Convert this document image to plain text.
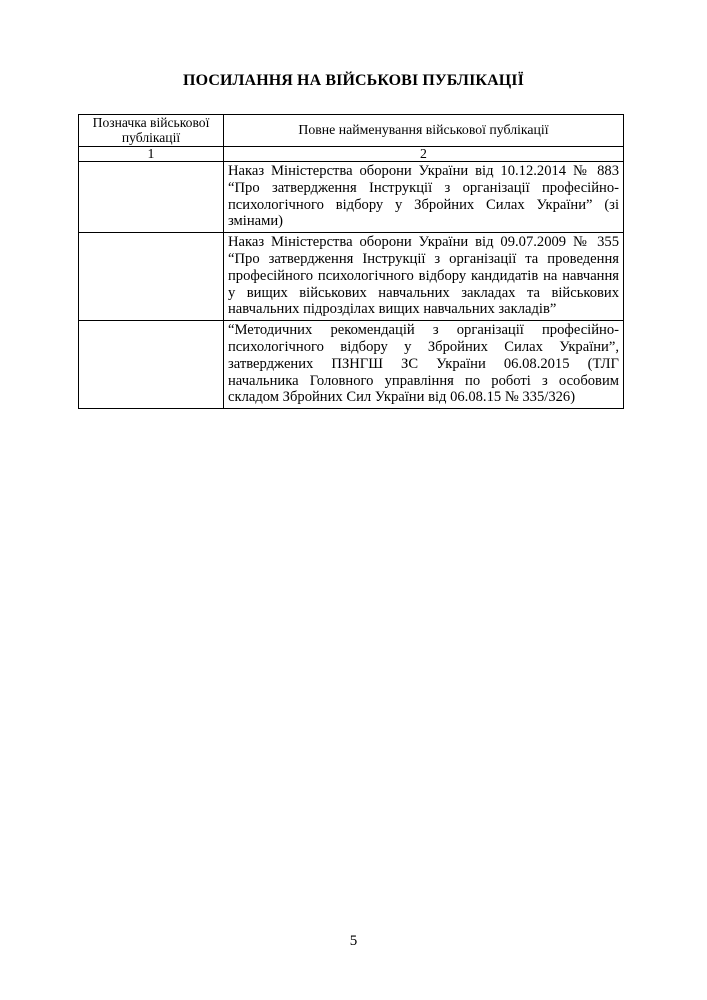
ПОСИЛАННЯ НА ВІЙСЬКОВІ ПУБЛІКАЦІЇ
Позначка військової публікації	Повне найменування військової публікації
1	2

	Наказ Міністерства оборони України від 10.12.2014 № 883 “Про затвердження Інструкції з організації професійно-психологічного відбору у Збройних Силах України” (зі змінами)

	Наказ Міністерства оборони України від 09.07.2009 № 355 “Про затвердження Інструкції з організації та проведення професійного психологічного відбору кандидатів на навчання у вищих військових навчальних закладах та військових навчальних підрозділах вищих навчальних закладів”

	“Методичних рекомендацій з організації професійно-психологічного відбору у Збройних Силах України”, затверджених ПЗНГШ ЗС України 06.08.2015 (ТЛГ начальника Головного управління по роботі з особовим складом Збройних Сил України від 06.08.15 № 335/326)
5
